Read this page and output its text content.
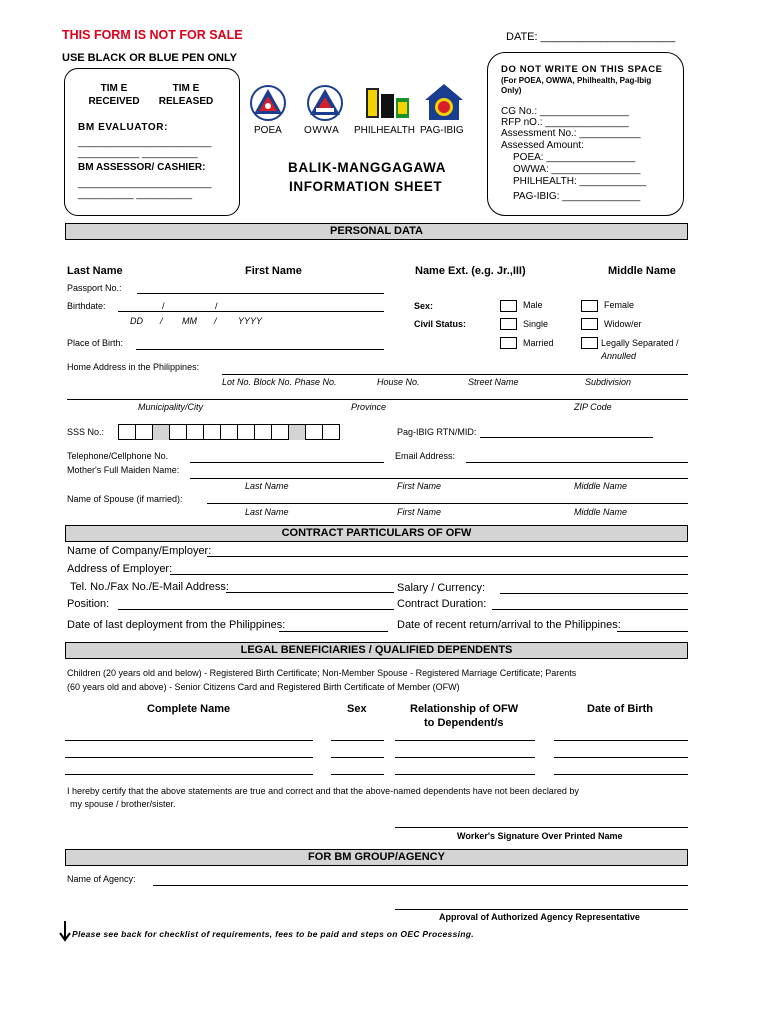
THIS FORM IS NOT FOR SALE	DATE: ______________________
USE BLACK OR BLUE PEN ONLY
TIM E
RECEIVED
TIM E
RELEASED
BM EVALUATOR:
________________________
___________ __________
BM ASSESSOR/ CASHIER:
________________________
__________ __________
POEA OWWA PHILHEALTH PAG-IBIG
BALIK-MANGGAGAWA
INFORMATION SHEET
DO NOT WRITE ON THIS SPACE
(For POEA, OWWA, Philhealth, Pag-Ibig Only)
CG No.: ________________
RFP nO.: _______________
Assessment No.: ___________
Assessed Amount:
POEA: ________________
OWWA: ________________
PHILHEALTH: ____________
PAG-IBIG: ______________
PERSONAL DATA
Last Name	First Name	Name Ext. (e.g. Jr.,III)	Middle Name
Passport No.:
Birthdate:	/	/
DD / MM / YYYY
Sex:
Civil Status:
Male	Female
Single	Widow/er
Married	Legally Separated /
Annulled
Place of Birth:
Home Address in the Philippines:
Lot No. Block No. Phase No.	House No.	Street Name	Subdivision
Municipality/City	Province	ZIP Code
SSS No.:	Pag-IBIG RTN/MID:
Telephone/Cellphone No.	Email Address:
Mother's Full Maiden Name:
Last Name	First Name	Middle Name
Name of Spouse (if married):
Last Name	First Name	Middle Name
CONTRACT PARTICULARS OF OFW
Name of Company/Employer:
Address of Employer:
Tel. No./Fax No./E-Mail Address:	Salary / Currency:
Position:	Contract Duration:
Date of last deployment from the Philippines:	Date of recent return/arrival to the Philippines:
LEGAL BENEFICIARIES / QUALIFIED DEPENDENTS
Children (20 years old and below) - Registered Birth Certificate; Non-Member Spouse - Registered Marriage Certificate; Parents
(60 years old and above) - Senior Citizens Card and Registered Birth Certificate of Member (OFW)
Complete Name	Sex	Relationship of OFW
to Dependent/s
Date of Birth
I hereby certify that the above statements are true and correct and that the above-named dependents have not been declared by
my spouse / brother/sister.
Worker's Signature Over Printed Name
FOR BM GROUP/AGENCY
Name of Agency:
Approval of Authorized Agency Representative
Please see back for checklist of requirements, fees to be paid and steps on OEC Processing.
